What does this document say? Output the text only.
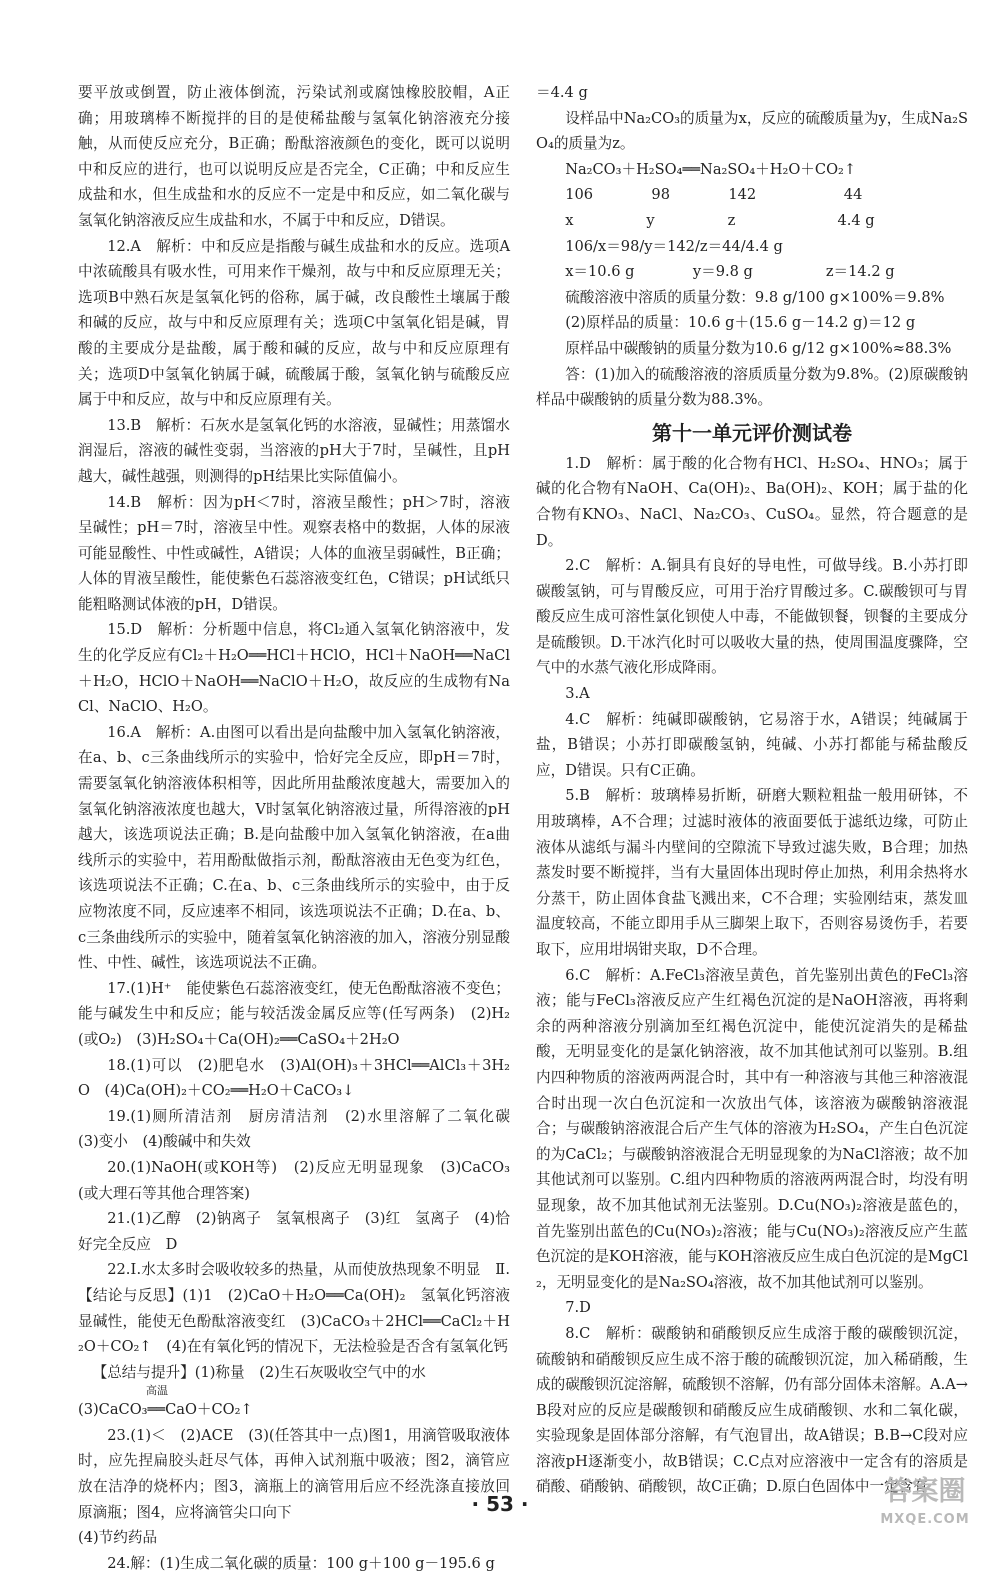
要平放或倒置，防止液体倒流，污染试剂或腐蚀橡胶胶帽，A正确；用玻璃棒不断搅拌的目的是使稀盐酸与氢氧化钠溶液充分接触，从而使反应充分，B正确；酚酞溶液颜色的变化，既可以说明中和反应的进行，也可以说明反应是否完全，C正确；中和反应生成盐和水，但生成盐和水的反应不一定是中和反应，如二氧化碳与氢氧化钠溶液反应生成盐和水，不属于中和反应，D错误。

12.A　解析：中和反应是指酸与碱生成盐和水的反应。选项A中浓硫酸具有吸水性，可用来作干燥剂，故与中和反应原理无关；选项B中熟石灰是氢氧化钙的俗称，属于碱，改良酸性土壤属于酸和碱的反应，故与中和反应原理有关；选项C中氢氧化铝是碱，胃酸的主要成分是盐酸，属于酸和碱的反应，故与中和反应原理有关；选项D中氢氧化钠属于碱，硫酸属于酸，氢氧化钠与硫酸反应属于中和反应，故与中和反应原理有关。

13.B　解析：石灰水是氢氧化钙的水溶液，显碱性；用蒸馏水润湿后，溶液的碱性变弱，当溶液的pH大于7时，呈碱性，且pH越大，碱性越强，则测得的pH结果比实际值偏小。

14.B　解析：因为pH＜7时，溶液呈酸性；pH＞7时，溶液呈碱性；pH＝7时，溶液呈中性。观察表格中的数据，人体的尿液可能显酸性、中性或碱性，A错误；人体的血液呈弱碱性，B正确；人体的胃液呈酸性，能使紫色石蕊溶液变红色，C错误；pH试纸只能粗略测试体液的pH，D错误。

15.D　解析：分析题中信息，将Cl₂通入氢氧化钠溶液中，发生的化学反应有Cl₂＋H₂O══HCl＋HClO，HCl＋NaOH══NaCl＋H₂O，HClO＋NaOH══NaClO＋H₂O，故反应的生成物有NaCl、NaClO、H₂O。

16.A　解析：A.由图可以看出是向盐酸中加入氢氧化钠溶液，在a、b、c三条曲线所示的实验中，恰好完全反应，即pH＝7时，需要氢氧化钠溶液体积相等，因此所用盐酸浓度越大，需要加入的氢氧化钠溶液浓度也越大，V时氢氧化钠溶液过量，所得溶液的pH越大，该选项说法正确；B.是向盐酸中加入氢氧化钠溶液，在a曲线所示的实验中，若用酚酞做指示剂，酚酞溶液由无色变为红色，该选项说法不正确；C.在a、b、c三条曲线所示的实验中，由于反应物浓度不同，反应速率不相同，该选项说法不正确；D.在a、b、c三条曲线所示的实验中，随着氢氧化钠溶液的加入，溶液分别显酸性、中性、碱性，该选项说法不正确。

17.(1)H⁺　能使紫色石蕊溶液变红，使无色酚酞溶液不变色；能与碱发生中和反应；能与较活泼金属反应等(任写两条)　(2)H₂(或O₂)　(3)H₂SO₄＋Ca(OH)₂══CaSO₄＋2H₂O

18.(1)可以　(2)肥皂水　(3)Al(OH)₃＋3HCl══AlCl₃＋3H₂O　(4)Ca(OH)₂＋CO₂══H₂O＋CaCO₃↓

19.(1)厕所清洁剂　厨房清洁剂　(2)水里溶解了二氧化碳　(3)变小　(4)酸碱中和失效

20.(1)NaOH(或KOH等)　(2)反应无明显现象　(3)CaCO₃(或大理石等其他合理答案)

21.(1)乙醇　(2)钠离子　氢氧根离子　(3)红　氢离子　(4)恰好完全反应　D

22.Ⅰ.水太多时会吸收较多的热量，从而使放热现象不明显　Ⅱ.【结论与反思】(1)1　(2)CaO＋H₂O══Ca(OH)₂　氢氧化钙溶液显碱性，能使无色酚酞溶液变红　(3)CaCO₃＋2HCl══CaCl₂＋H₂O＋CO₂↑　(4)在有氧化钙的情况下，无法检验是否含有氢氧化钙

【总结与提升】(1)称量　(2)生石灰吸收空气中的水

高温

(3)CaCO₃══CaO＋CO₂↑

23.(1)＜　(2)ACE　(3)(任答其中一点)图1，用滴管吸取液体时，应先捏扁胶头赶尽气体，再伸入试剂瓶中吸液；图2，滴管应放在洁净的烧杯内；图3，滴瓶上的滴管用后应不经洗涤直接放回原滴瓶；图4，应将滴管尖口向下

(4)节约药品

24.解：(1)生成二氧化碳的质量：100 g＋100 g－195.6 g

＝4.4 g

设样品中Na₂CO₃的质量为x，反应的硫酸质量为y，生成Na₂SO₄的质量为z。

Na₂CO₃＋H₂SO₄══Na₂SO₄＋H₂O＋CO₂↑

106　　　　98　　　　142　　　　　　44

x　　　　　y　　　　　z　　　　　　　4.4 g

106/x＝98/y＝142/z＝44/4.4 g

x＝10.6 g　　　　y＝9.8 g　　　　　z＝14.2 g

硫酸溶液中溶质的质量分数：9.8 g/100 g×100%＝9.8%

(2)原样品的质量：10.6 g＋(15.6 g－14.2 g)＝12 g

原样品中碳酸钠的质量分数为10.6 g/12 g×100%≈88.3%

答：(1)加入的硫酸溶液的溶质质量分数为9.8%。(2)原碳酸钠样品中碳酸钠的质量分数为88.3%。

第十一单元评价测试卷

1.D　解析：属于酸的化合物有HCl、H₂SO₄、HNO₃；属于碱的化合物有NaOH、Ca(OH)₂、Ba(OH)₂、KOH；属于盐的化合物有KNO₃、NaCl、Na₂CO₃、CuSO₄。显然，符合题意的是D。

2.C　解析：A.铜具有良好的导电性，可做导线。B.小苏打即碳酸氢钠，可与胃酸反应，可用于治疗胃酸过多。C.碳酸钡可与胃酸反应生成可溶性氯化钡使人中毒，不能做钡餐，钡餐的主要成分是硫酸钡。D.干冰汽化时可以吸收大量的热，使周围温度骤降，空气中的水蒸气液化形成降雨。

3.A

4.C　解析：纯碱即碳酸钠，它易溶于水，A错误；纯碱属于盐，B错误；小苏打即碳酸氢钠，纯碱、小苏打都能与稀盐酸反应，D错误。只有C正确。

5.B　解析：玻璃棒易折断，研磨大颗粒粗盐一般用研钵，不用玻璃棒，A不合理；过滤时液体的液面要低于滤纸边缘，可防止液体从滤纸与漏斗内壁间的空隙流下导致过滤失败，B合理；加热蒸发时要不断搅拌，当有大量固体出现时停止加热，利用余热将水分蒸干，防止固体食盐飞溅出来，C不合理；实验刚结束，蒸发皿温度较高，不能立即用手从三脚架上取下，否则容易烫伤手，若要取下，应用坩埚钳夹取，D不合理。

6.C　解析：A.FeCl₃溶液呈黄色，首先鉴别出黄色的FeCl₃溶液；能与FeCl₃溶液反应产生红褐色沉淀的是NaOH溶液，再将剩余的两种溶液分别滴加至红褐色沉淀中，能使沉淀消失的是稀盐酸，无明显变化的是氯化钠溶液，故不加其他试剂可以鉴别。B.组内四种物质的溶液两两混合时，其中有一种溶液与其他三种溶液混合时出现一次白色沉淀和一次放出气体，该溶液为碳酸钠溶液混合；与碳酸钠溶液混合后产生气体的溶液为H₂SO₄，产生白色沉淀的为CaCl₂；与碳酸钠溶液混合无明显现象的为NaCl溶液；故不加其他试剂可以鉴别。C.组内四种物质的溶液两两混合时，均没有明显现象，故不加其他试剂无法鉴别。D.Cu(NO₃)₂溶液是蓝色的，首先鉴别出蓝色的Cu(NO₃)₂溶液；能与Cu(NO₃)₂溶液反应产生蓝色沉淀的是KOH溶液，能与KOH溶液反应生成白色沉淀的是MgCl₂，无明显变化的是Na₂SO₄溶液，故不加其他试剂可以鉴别。

7.D

8.C　解析：碳酸钠和硝酸钡反应生成溶于酸的碳酸钡沉淀，硫酸钠和硝酸钡反应生成不溶于酸的硫酸钡沉淀，加入稀硝酸，生成的碳酸钡沉淀溶解，硫酸钡不溶解，仍有部分固体未溶解。A.A→B段对应的反应是碳酸钡和硝酸反应生成硝酸钡、水和二氧化碳，实验现象是固体部分溶解，有气泡冒出，故A错误；B.B→C段对应溶液pH逐渐变小，故B错误；C.C点对应溶液中一定含有的溶质是硝酸、硝酸钠、硝酸钡，故C正确；D.原白色固体中一定含有

· 53 ·	答案圈
MXQE.COM
